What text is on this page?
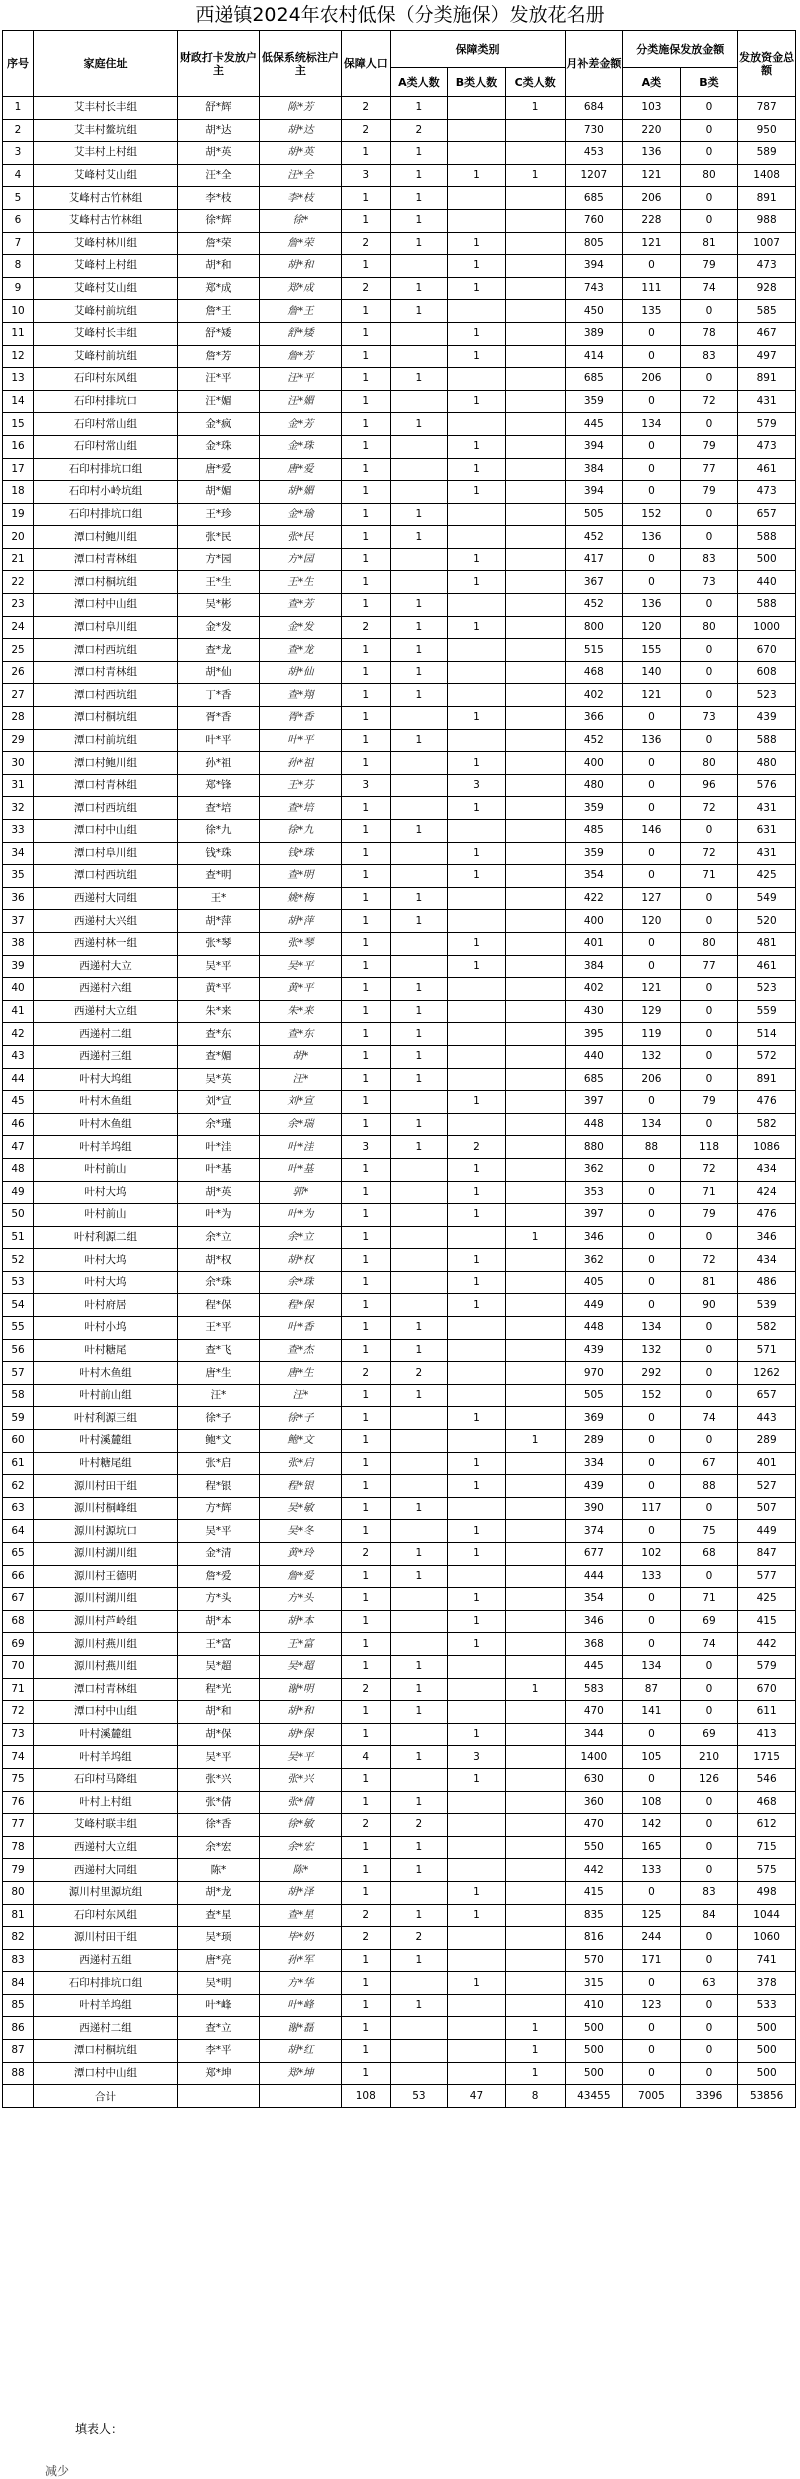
西递镇2024年农村低保（分类施保）发放花名册
序号	家庭住址	财政打卡发放户主	低保系统标注户主	保障人口	保障类别			月补差金额	分类施保发放金额		发放资金总额
					A类人数	B类人数	C类人数		A类	B类	
1	艾丰村长丰组	舒*辉	陈*芳	2	1		1	684	103	0	787
2	艾丰村鳌坑组	胡*达	胡*达	2	2			730	220	0	950
3	艾丰村上村组	胡*英	胡*英	1	1			453	136	0	589
4	艾峰村艾山组	汪*全	汪*全	3	1	1	1	1207	121	80	1408
5	艾峰村古竹林组	李*枝	李*枝	1	1			685	206	0	891
6	艾峰村古竹林组	徐*辉	徐*	1	1			760	228	0	988
7	艾峰村林川组	詹*荣	詹*荣	2	1	1		805	121	81	1007
8	艾峰村上村组	胡*和	胡*和	1		1		394	0	79	473
9	艾峰村艾山组	郑*成	郑*成	2	1	1		743	111	74	928
10	艾峰村前坑组	詹*王	詹*王	1	1			450	135	0	585
11	艾峰村长丰组	舒*矮	舒*矮	1		1		389	0	78	467
12	艾峰村前坑组	詹*芳	詹*芳	1		1		414	0	83	497
13	石印村东风组	汪*平	汪*平	1	1			685	206	0	891
14	石印村排坑口	汪*媚	汪*媚	1		1		359	0	72	431
15	石印村常山组	金*疯	金*芳	1	1			445	134	0	579
16	石印村常山组	金*珠	金*珠	1		1		394	0	79	473
17	石印村排坑口组	唐*爱	唐*爱	1		1		384	0	77	461
18	石印村小岭坑组	胡*媚	胡*媚	1		1		394	0	79	473
19	石印村排坑口组	王*珍	金*瑜	1	1			505	152	0	657
20	潭口村鲍川组	张*民	张*民	1	1			452	136	0	588
21	潭口村青林组	方*园	方*园	1		1		417	0	83	500
22	潭口村桐坑组	王*生	王*生	1		1		367	0	73	440
23	潭口村中山组	吴*彬	查*芳	1	1			452	136	0	588
24	潭口村阜川组	金*发	金*发	2	1	1		800	120	80	1000
25	潭口村西坑组	查*龙	查*龙	1	1			515	155	0	670
26	潭口村青林组	胡*仙	胡*仙	1	1			468	140	0	608
27	潭口村西坑组	丁*香	查*翔	1	1			402	121	0	523
28	潭口村桐坑组	胥*香	胥*香	1		1		366	0	73	439
29	潭口村前坑组	叶*平	叶*平	1	1			452	136	0	588
30	潭口村鲍川组	孙*祖	孙*祖	1		1		400	0	80	480
31	潭口村青林组	郑*锋	王*芬	3		3		480	0	96	576
32	潭口村西坑组	查*培	查*培	1		1		359	0	72	431
33	潭口村中山组	徐*九	徐*九	1	1			485	146	0	631
34	潭口村阜川组	钱*珠	钱*珠	1		1		359	0	72	431
35	潭口村西坑组	查*明	查*明	1		1		354	0	71	425
36	西递村大同组	王*	姚*梅	1	1			422	127	0	549
37	西递村大兴组	胡*萍	胡*萍	1	1			400	120	0	520
38	西递村林一组	张*琴	张*琴	1		1		401	0	80	481
39	西递村大立	吴*平	吴*平	1		1		384	0	77	461
40	西递村六组	黄*平	黄*平	1	1			402	121	0	523
41	西递村大立组	朱*来	朱*来	1	1			430	129	0	559
42	西递村二组	查*东	查*东	1	1			395	119	0	514
43	西递村三组	查*媚	胡*	1	1			440	132	0	572
44	叶村大坞组	吴*英	汪*	1	1			685	206	0	891
45	叶村木鱼组	刘*宣	刘*宣	1		1		397	0	79	476
46	叶村木鱼组	余*瑾	余*瑞	1	1			448	134	0	582
47	叶村羊坞组	叶*洼	叶*洼	3	1	2		880	88	118	1086
48	叶村前山	叶*基	叶*基	1		1		362	0	72	434
49	叶村大坞	胡*英	郭*	1		1		353	0	71	424
50	叶村前山	叶*为	叶*为	1		1		397	0	79	476
51	叶村利源二组	余*立	余*立	1			1	346	0	0	346
52	叶村大坞	胡*权	胡*权	1		1		362	0	72	434
53	叶村大坞	余*珠	余*珠	1		1		405	0	81	486
54	叶村府居	程*保	程*保	1		1		449	0	90	539
55	叶村小坞	王*平	叶*香	1	1			448	134	0	582
56	叶村糖尾	查*飞	查*杰	1	1			439	132	0	571
57	叶村木鱼组	唐*生	唐*生	2	2			970	292	0	1262
58	叶村前山组	汪*	汪*	1	1			505	152	0	657
59	叶村利源三组	徐*子	徐*子	1		1		369	0	74	443
60	叶村溪麓组	鲍*文	鲍*文	1			1	289	0	0	289
61	叶村糖尾组	张*启	张*启	1		1		334	0	67	401
62	源川村田干组	程*银	程*银	1		1		439	0	88	527
63	源川村桐峰组	方*辉	吴*敏	1	1			390	117	0	507
64	源川村源坑口	吴*平	吴*冬	1		1		374	0	75	449
65	源川村湖川组	金*清	黄*玲	2	1	1		677	102	68	847
66	源川村王德明	詹*爱	詹*爱	1	1			444	133	0	577
67	源川村湖川组	方*头	方*头	1		1		354	0	71	425
68	源川村芦岭组	胡*本	胡*本	1		1		346	0	69	415
69	源川村燕川组	王*富	王*富	1		1		368	0	74	442
70	源川村燕川组	吴*超	吴*超	1	1			445	134	0	579
71	潭口村青林组	程*光	谢*明	2	1		1	583	87	0	670
72	潭口村中山组	胡*和	胡*和	1	1			470	141	0	611
73	叶村溪麓组	胡*保	胡*保	1		1		344	0	69	413
74	叶村羊坞组	吴*平	吴*平	4	1	3		1400	105	210	1715
75	石印村马降组	张*兴	张*兴	1		1		630	0	126	546
76	叶村上村组	张*倩	张*倩	1	1			360	108	0	468
77	艾峰村联丰组	徐*香	徐*敏	2	2			470	142	0	612
78	西递村大立组	余*宏	余*宏	1	1			550	165	0	715
79	西递村大同组	陈*	陈*	1	1			442	133	0	575
80	源川村里源坑组	胡*龙	胡*泽	1		1		415	0	83	498
81	石印村东风组	查*星	查*星	2	1	1		835	125	84	1044
82	源川村田干组	吴*顼	毕*奶	2	2			816	244	0	1060
83	西递村五组	唐*亮	孙*军	1	1			570	171	0	741
84	石印村排坑口组	吴*明	方*华	1		1		315	0	63	378
85	叶村羊坞组	叶*峰	叶*峰	1	1			410	123	0	533
86	西递村二组	查*立	谢*磊	1			1	500	0	0	500
87	潭口村桐坑组	李*平	胡*红	1			1	500	0	0	500
88	潭口村中山组	郑*坤	郑*坤	1			1	500	0	0	500
	合计			108	53	47	8	43455	7005	3396	53856
填表人：
减少
